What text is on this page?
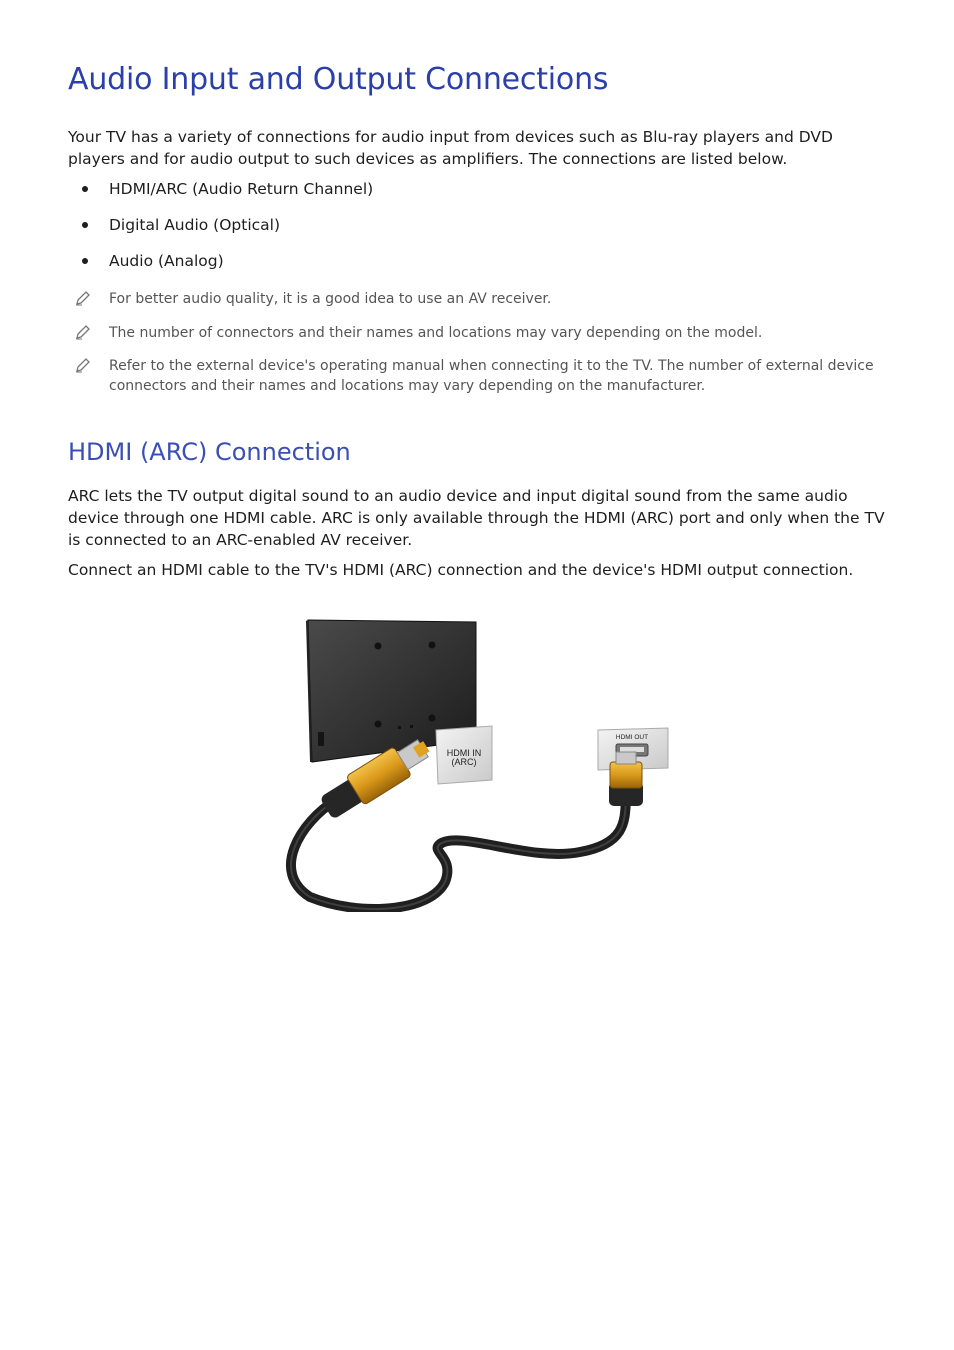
Audio Input and Output Connections

Your TV has a variety of connections for audio input from devices such as Blu-ray players and DVD players and for audio output to such devices as amplifiers. The connections are listed below.

HDMI/ARC (Audio Return Channel)
Digital Audio (Optical)
Audio (Analog)
For better audio quality, it is a good idea to use an AV receiver.
The number of connectors and their names and locations may vary depending on the model.
Refer to the external device's operating manual when connecting it to the TV. The number of external device connectors and their names and locations may vary depending on the manufacturer.
HDMI (ARC) Connection

ARC lets the TV output digital sound to an audio device and input digital sound from the same audio device through one HDMI cable. ARC is only available through the HDMI (ARC) port and only when the TV is connected to an ARC-enabled AV receiver.

Connect an HDMI cable to the TV's HDMI (ARC) connection and the device's HDMI output connection.

HDMI IN
(ARC)
HDMI OUT
